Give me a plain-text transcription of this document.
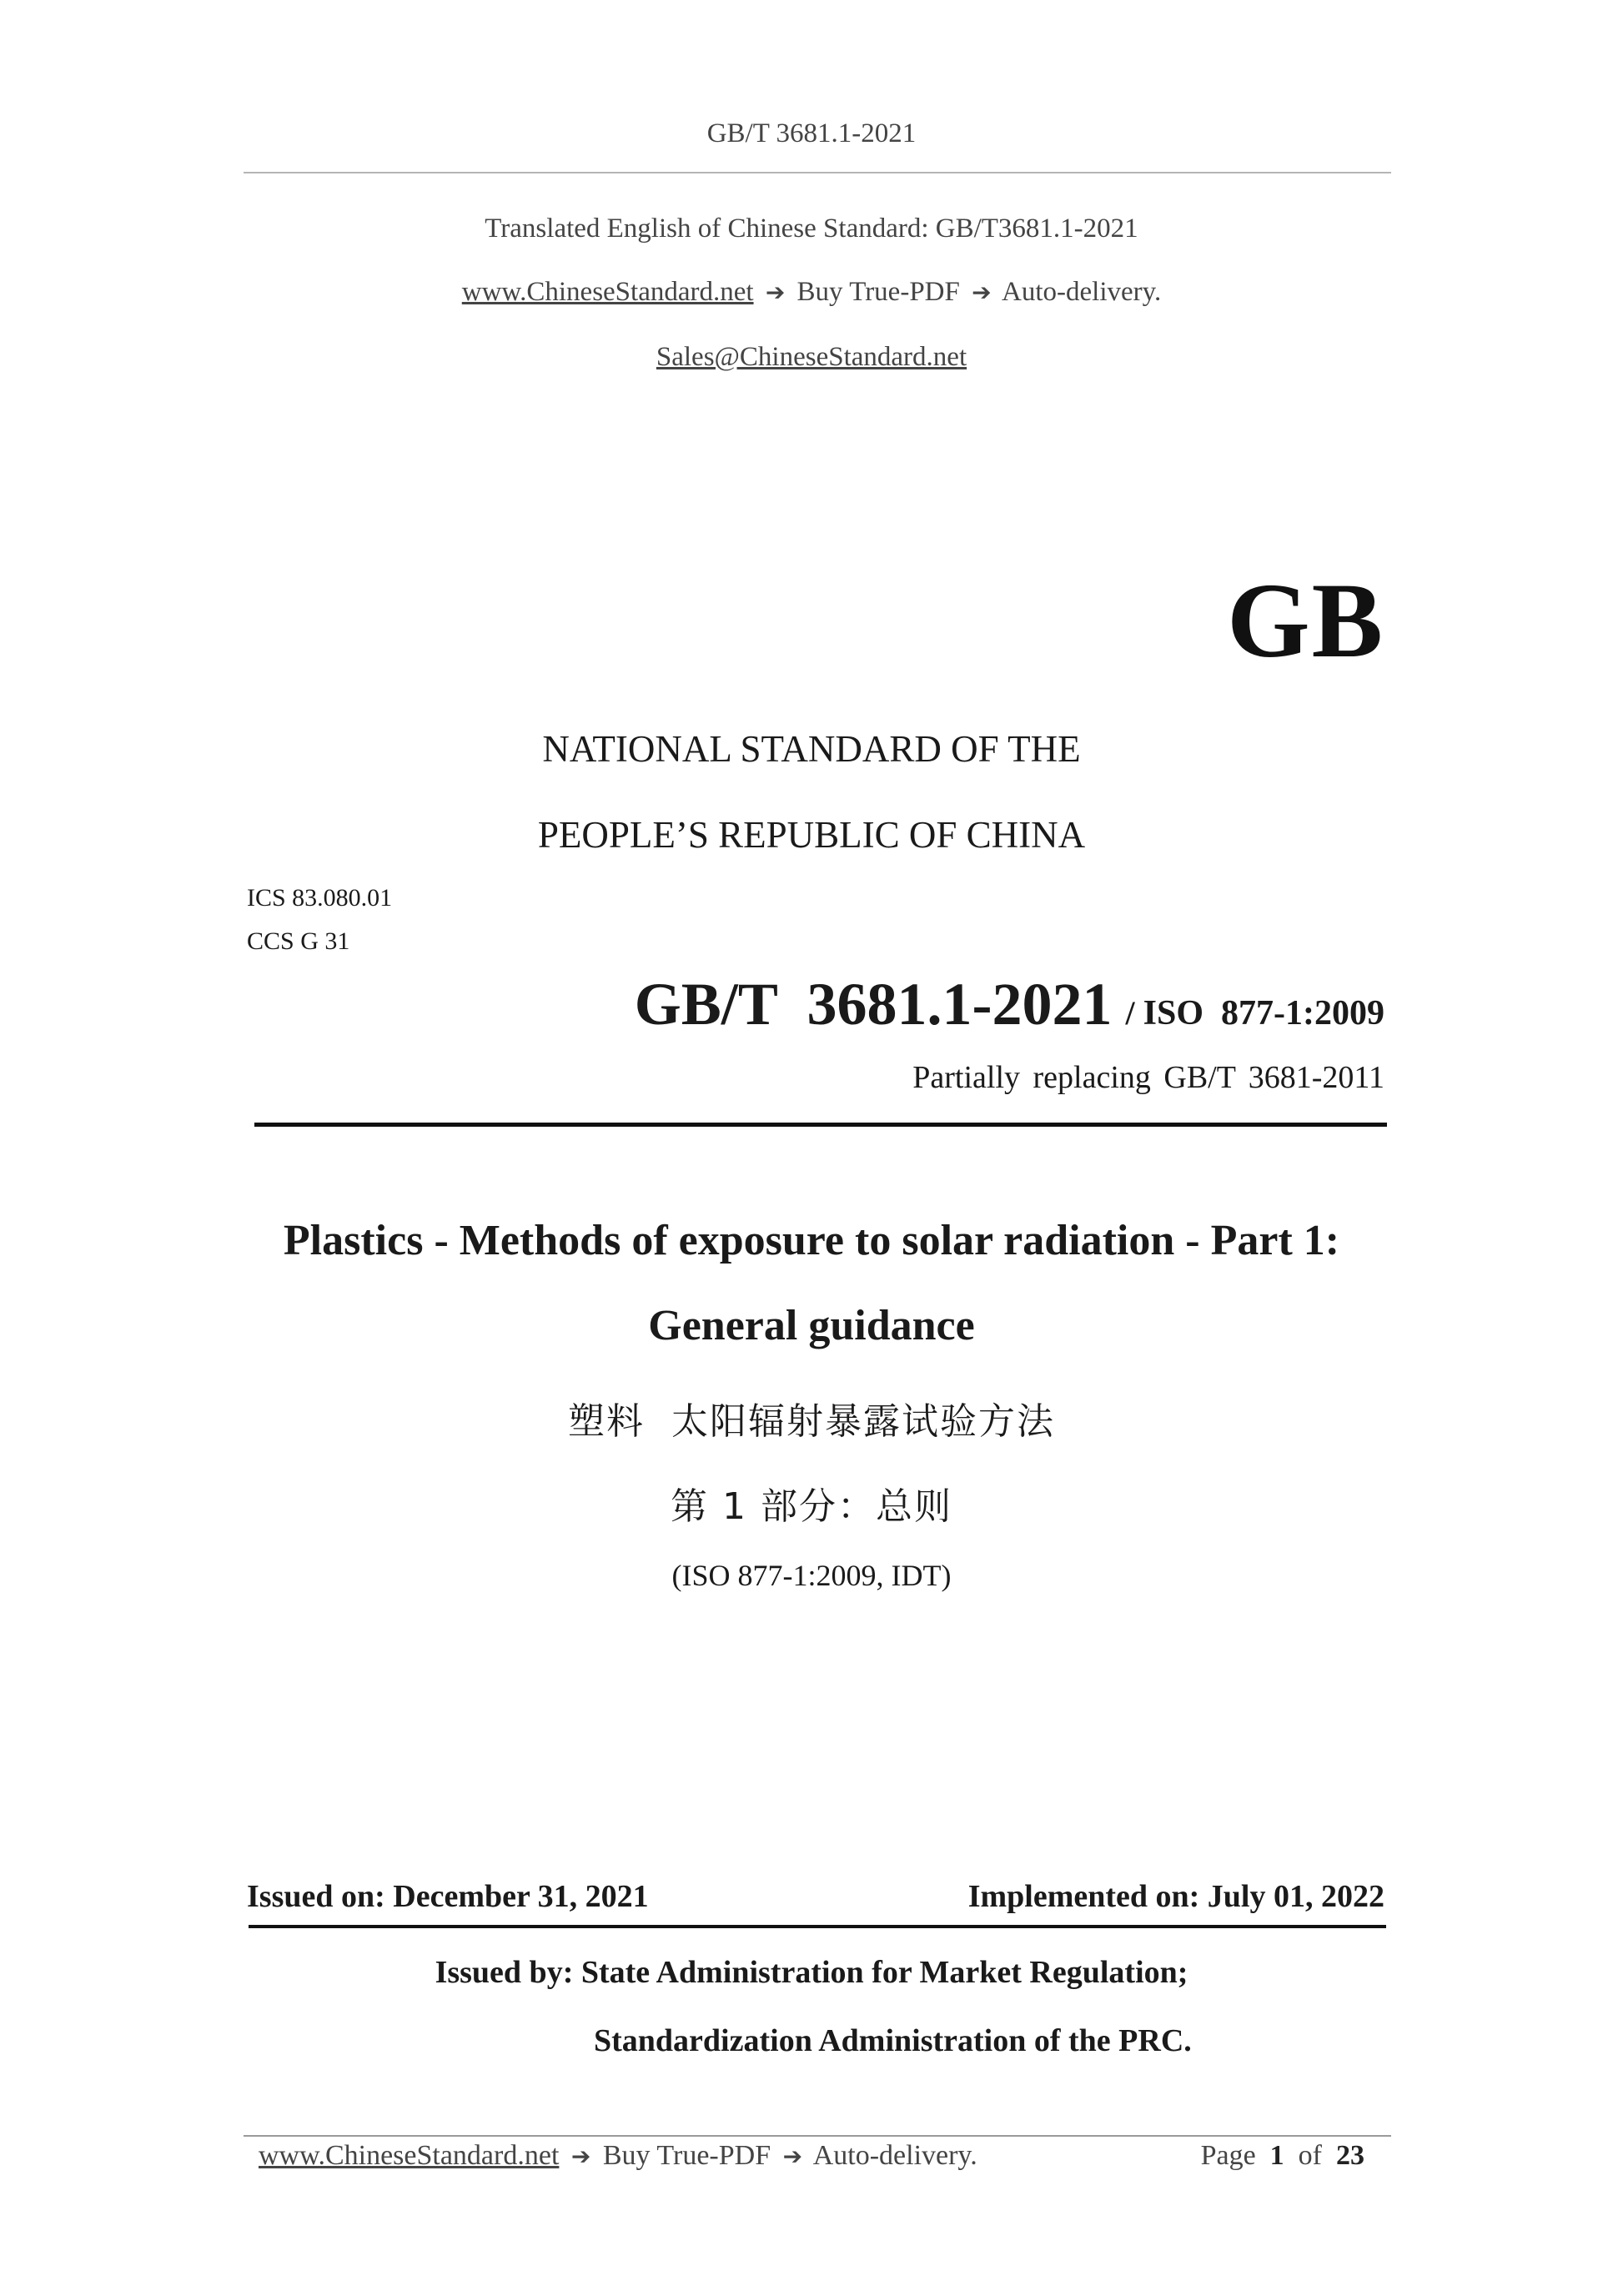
GB/T 3681.1-2021
Translated English of Chinese Standard: GB/T3681.1-2021
www.ChineseStandard.net ➔ Buy True-PDF ➔ Auto-delivery.
Sales@ChineseStandard.net
GB
NATIONAL STANDARD OF THE
PEOPLE’S REPUBLIC OF CHINA
ICS 83.080.01
CCS G 31
GB/T  3681.1-2021 / ISO  877-1:2009
Partially replacing GB/T 3681-2011
Plastics - Methods of exposure to solar radiation - Part 1:
General guidance
塑料  太阳辐射暴露试验方法
第 1 部分：总则
(ISO 877-1:2009, IDT)
Issued on: December 31, 2021	Implemented on: July 01, 2022
Issued by: State Administration for Market Regulation;
Standardization Administration of the PRC.
www.ChineseStandard.net ➔ Buy True-PDF ➔ Auto-delivery.	Page 1 of 23
